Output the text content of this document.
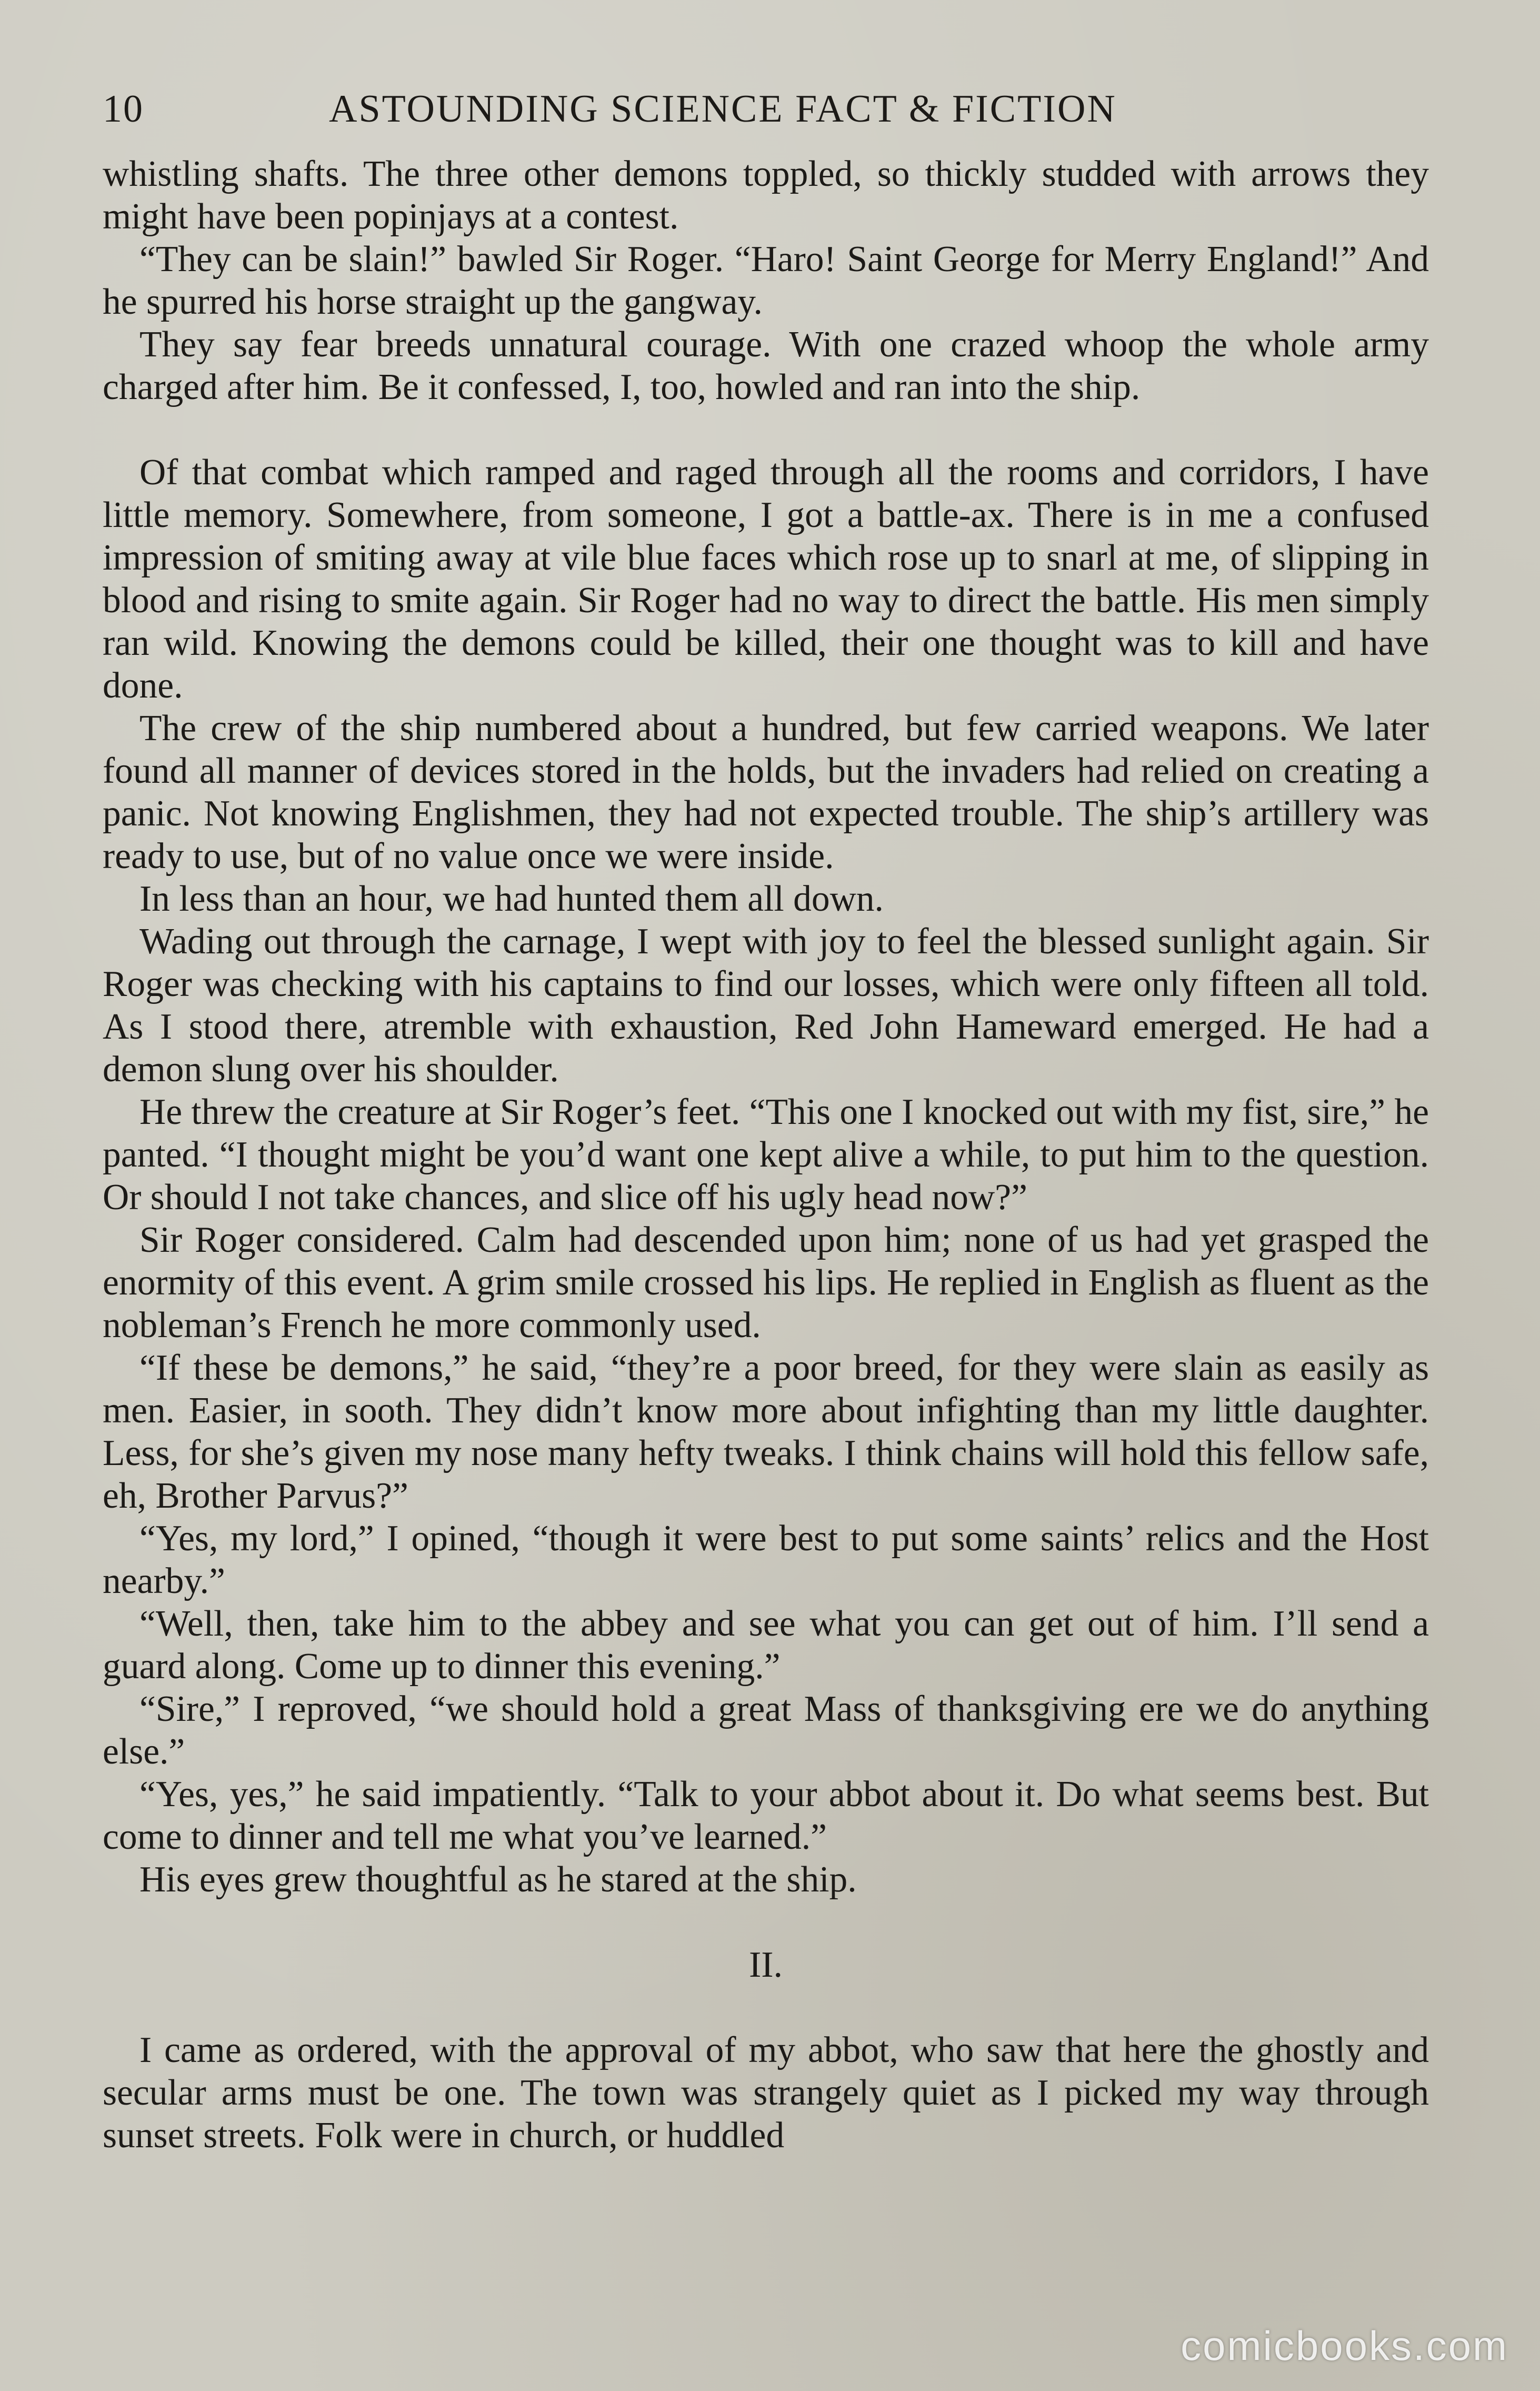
10	ASTOUNDING SCIENCE FACT & FICTION

whistling shafts. The three other demons toppled, so thickly studded with arrows they might have been popinjays at a contest.

“They can be slain!” bawled Sir Roger. “Haro! Saint George for Merry England!” And he spurred his horse straight up the gangway.

They say fear breeds unnatural courage. With one crazed whoop the whole army charged after him. Be it confessed, I, too, howled and ran into the ship.

Of that combat which ramped and raged through all the rooms and corridors, I have little memory. Somewhere, from someone, I got a battle-ax. There is in me a confused impression of smiting away at vile blue faces which rose up to snarl at me, of slipping in blood and rising to smite again. Sir Roger had no way to direct the battle. His men simply ran wild. Knowing the demons could be killed, their one thought was to kill and have done.

The crew of the ship numbered about a hundred, but few carried weapons. We later found all manner of devices stored in the holds, but the invaders had relied on creating a panic. Not knowing Englishmen, they had not expected trouble. The ship’s artillery was ready to use, but of no value once we were inside.

In less than an hour, we had hunted them all down.

Wading out through the carnage, I wept with joy to feel the blessed sunlight again. Sir Roger was checking with his captains to find our losses, which were only fifteen all told. As I stood there, atremble with exhaustion, Red John Hameward emerged. He had a demon slung over his shoulder.

He threw the creature at Sir Roger’s feet. “This one I knocked out with my fist, sire,” he panted. “I thought might be you’d want one kept alive a while, to put him to the question. Or should I not take chances, and slice off his ugly head now?”

Sir Roger considered. Calm had descended upon him; none of us had yet grasped the enormity of this event. A grim smile crossed his lips. He replied in English as fluent as the nobleman’s French he more commonly used.

“If these be demons,” he said, “they’re a poor breed, for they were slain as easily as men. Easier, in sooth. They didn’t know more about infighting than my little daughter. Less, for she’s given my nose many hefty tweaks. I think chains will hold this fellow safe, eh, Brother Parvus?”

“Yes, my lord,” I opined, “though it were best to put some saints’ relics and the Host nearby.”

“Well, then, take him to the abbey and see what you can get out of him. I’ll send a guard along. Come up to dinner this evening.”

“Sire,” I reproved, “we should hold a great Mass of thanksgiving ere we do anything else.”

“Yes, yes,” he said impatiently. “Talk to your abbot about it. Do what seems best. But come to dinner and tell me what you’ve learned.”

His eyes grew thoughtful as he stared at the ship.

II.

I came as ordered, with the approval of my abbot, who saw that here the ghostly and secular arms must be one. The town was strangely quiet as I picked my way through sunset streets. Folk were in church, or huddled

comicbooks.com
